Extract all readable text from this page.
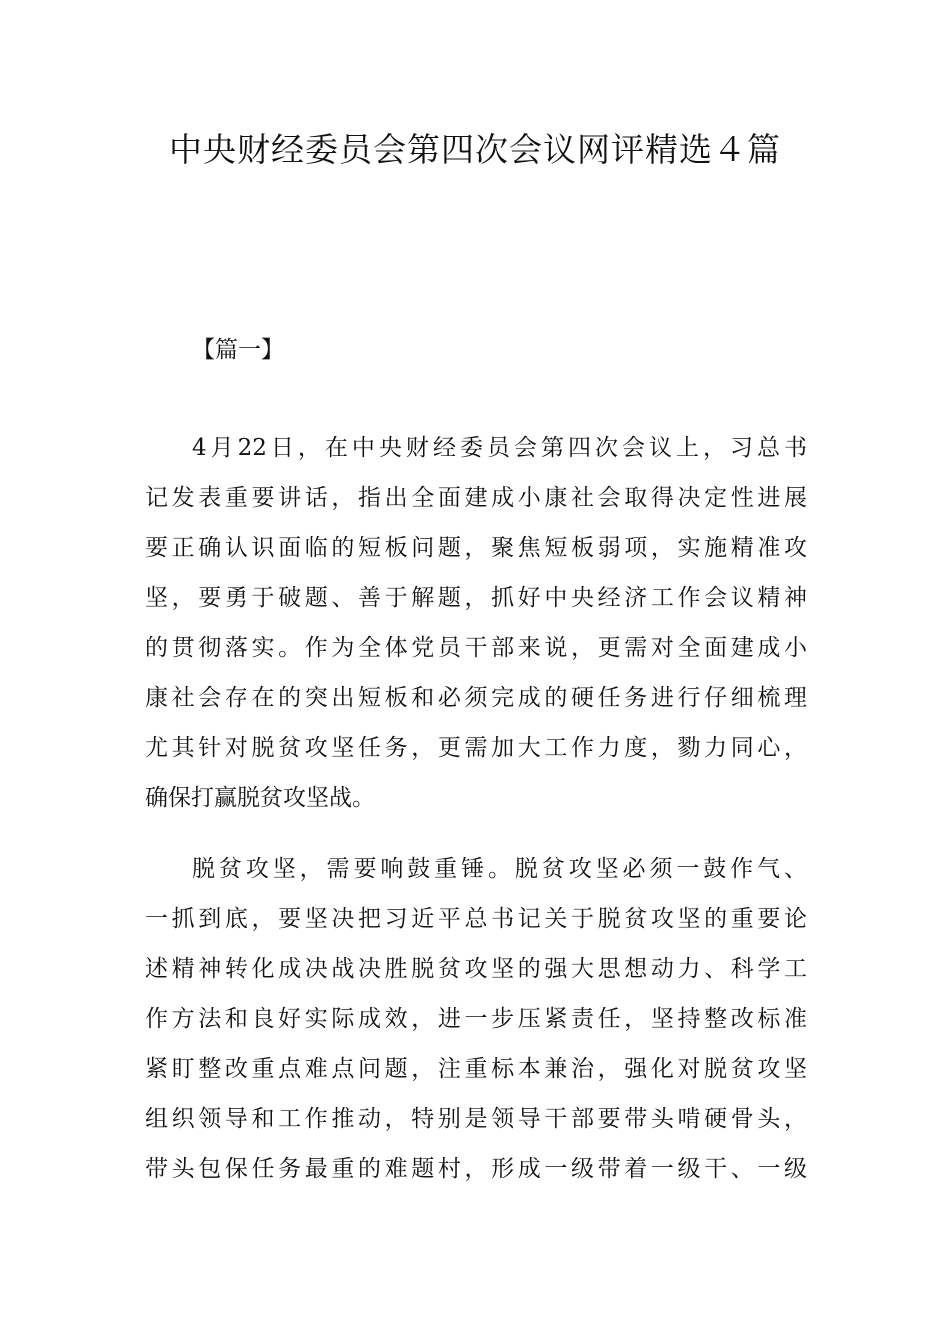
中央财经委员会第四次会议网评精选４篇
【篇一】
4月22日，在中央财经委员会第四次会议上，习总书
记发表重要讲话，指出全面建成小康社会取得决定性进展
要正确认识面临的短板问题，聚焦短板弱项，实施精准攻
坚，要勇于破题、善于解题，抓好中央经济工作会议精神
的贯彻落实。作为全体党员干部来说，更需对全面建成小
康社会存在的突出短板和必须完成的硬任务进行仔细梳理
尤其针对脱贫攻坚任务，更需加大工作力度，勠力同心，
确保打赢脱贫攻坚战。
脱贫攻坚，需要响鼓重锤。脱贫攻坚必须一鼓作气、
一抓到底，要坚决把习近平总书记关于脱贫攻坚的重要论
述精神转化成决战决胜脱贫攻坚的强大思想动力、科学工
作方法和良好实际成效，进一步压紧责任，坚持整改标准
紧盯整改重点难点问题，注重标本兼治，强化对脱贫攻坚
组织领导和工作推动，特别是领导干部要带头啃硬骨头，
带头包保任务最重的难题村，形成一级带着一级干、一级
